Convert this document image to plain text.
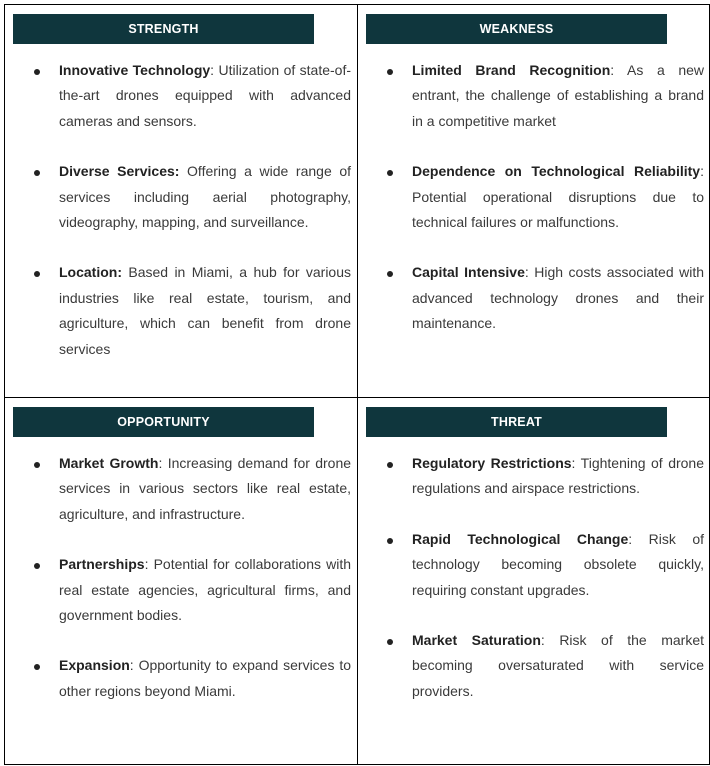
STRENGTH
Innovative Technology: Utilization of state-of-the-art drones equipped with advanced cameras and sensors.
Diverse Services: Offering a wide range of services including aerial photography, videography, mapping, and surveillance.
Location: Based in Miami, a hub for various industries like real estate, tourism, and agriculture, which can benefit from drone services
WEAKNESS
Limited Brand Recognition: As a new entrant, the challenge of establishing a brand in a competitive market
Dependence on Technological Reliability: Potential operational disruptions due to technical failures or malfunctions.
Capital Intensive: High costs associated with advanced technology drones and their maintenance.
OPPORTUNITY
Market Growth: Increasing demand for drone services in various sectors like real estate, agriculture, and infrastructure.
Partnerships: Potential for collaborations with real estate agencies, agricultural firms, and government bodies.
Expansion: Opportunity to expand services to other regions beyond Miami.
THREAT
Regulatory Restrictions: Tightening of drone regulations and airspace restrictions.
Rapid Technological Change: Risk of technology becoming obsolete quickly, requiring constant upgrades.
Market Saturation: Risk of the market becoming oversaturated with service providers.
